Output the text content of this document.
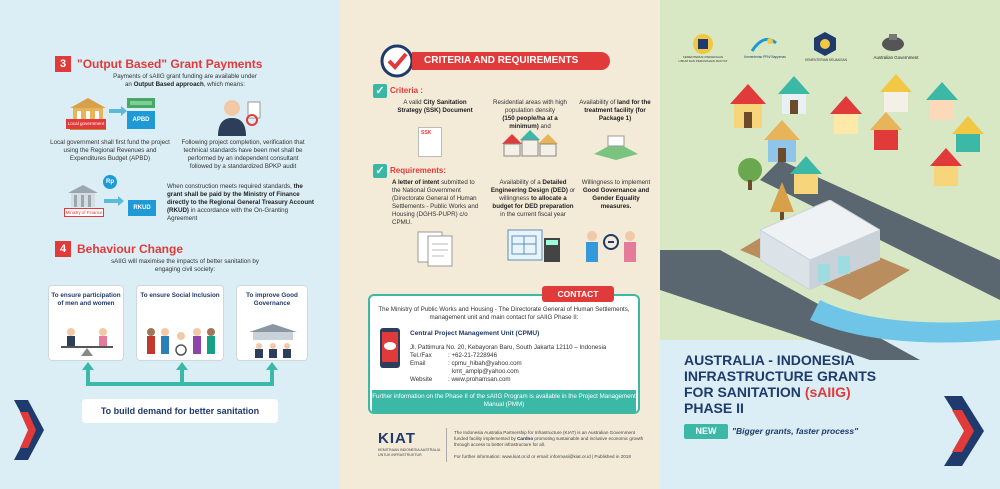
3 "Output Based" Grant Payments
Payments of sAIIG grant funding are available under
an Output Based approach, which means:
Local government
APBD
Local government shall first fund the project using the Regional Revenues and Expenditures Budget (APBD)
Following project completion, verification that technical standards have been met shall be performed by an independent consultant followed by a standardized BPKP audit
Ministry of Finance
Rp
RKUD
When construction meets required standards, the grant shall be paid by the Ministry of Finance directly to the Regional General Treasury Account (RKUD) in accordance with the On-Granting Agreement
4 Behaviour Change
sAIIG will maximise the impacts of better sanitation by engaging civil society:
To ensure participation of men and women
To ensure Social Inclusion	To improve Good Governance
To build demand for better sanitation
CRITERIA AND REQUIREMENTS
✓ Criteria :
A valid City Sanitation Strategy (SSK) Document
Residential areas with high population density
(150 people/ha at a minimum) and
Availability of land for the treatment facility (for Package 1)
SSK
✓ Requirements:
A letter of intent submitted to the National Government (Directorate General of Human Settlements - Public Works and Housing (DGHS-PUPR) c/o CPMU.
Availability of a Detailed Engineering Design (DED) or willingness to allocate a budget for DED preparation in the current fiscal year
Willingness to implement Good Governance and Gender Equality measures.
CONTACT
The Ministry of Public Works and Housing - The Directorate General of Human Settlements, management unit and main contact for sAIIG Phase II:
Central Project Management Unit (CPMU)
Jl. Pattimura No. 20, Kebayoran Baru, South Jakarta 12110 – Indonesia
Tel./Fax	: +62-21-7228946
Email	: cpmu_hibah@yahoo.com
kmt_amplp@yahoo.com
Website	: www.prohamsan.com
Further information on the Phase II of the sAIIG Program is available in the Project Management Manual (PMM)
KIAT
KEMITRAAN INDONESIA AUSTRALIA UNTUK INFRASTRUKTUR
The Indonesia Australia Partnership for Infrastructure (KIAT) is an Australian Government funded facility implemented by Cardno promoting sustainable and inclusive economic growth through access to better infrastructure for all.

For further information: www.kiat.or.id or email: informasi@kiat.or.id | Published in 2018
KEMENTERIAN PEKERJAAN UMUM DAN PERUMAHAN RAKYAT
Kementerian PPN/ Bappenas
KEMENTERIAN KEUANGAN	Australian Government
AUSTRALIA - INDONESIA
INFRASTRUCTURE GRANTS
FOR SANITATION (sAIIG)
PHASE II
NEW	"Bigger grants, faster process"
